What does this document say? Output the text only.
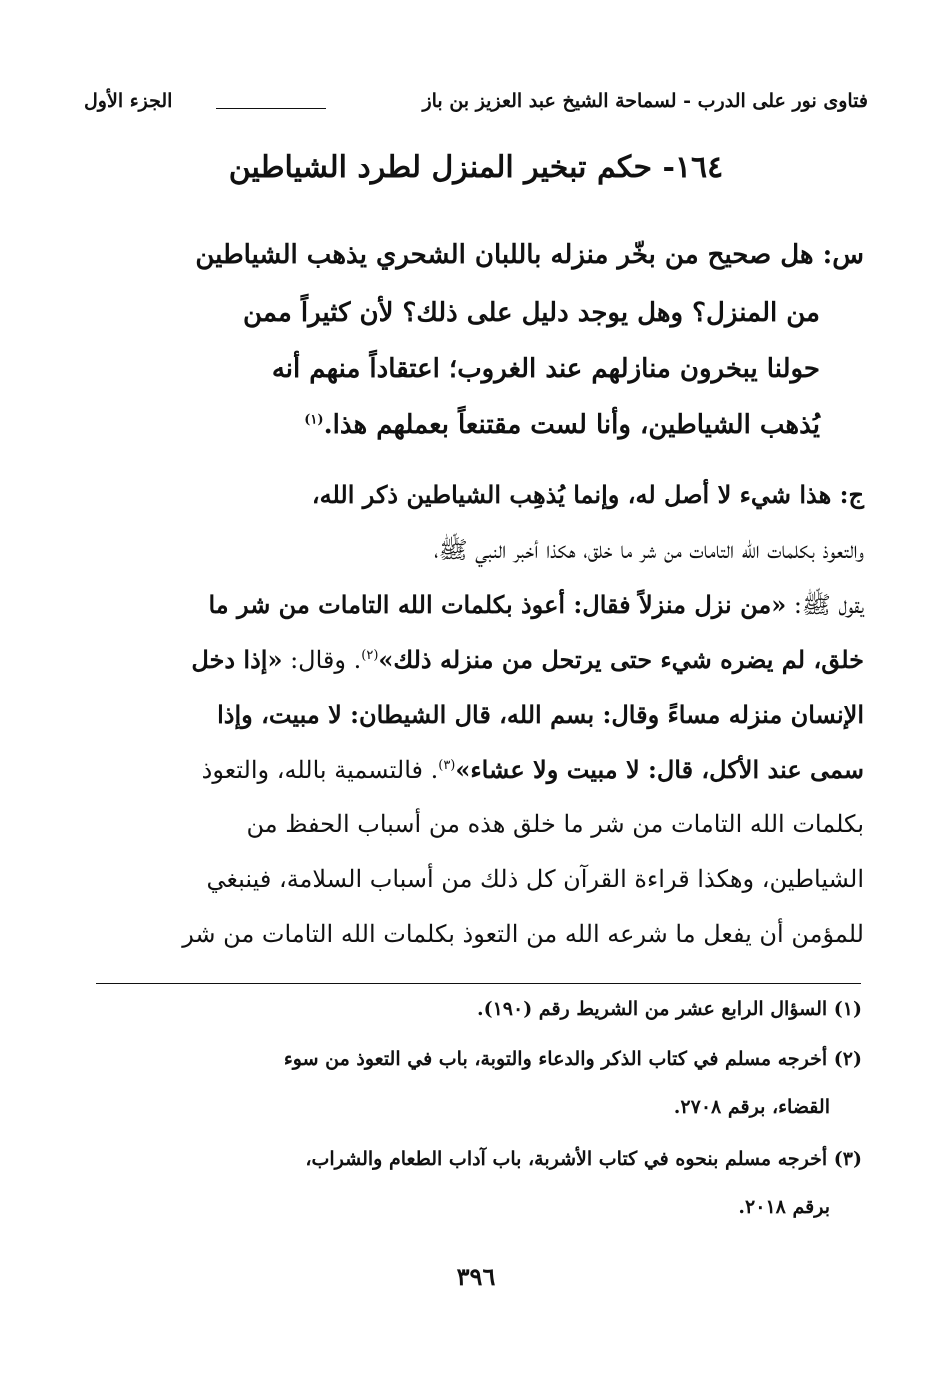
فتاوى نور على الدرب - لسماحة الشيخ عبد العزيز بن باز
الجزء الأول
١٦٤- حكم تبخير المنزل لطرد الشياطين
س: هل صحيح من بخّر منزله باللبان الشحري يذهب الشياطين
من المنزل؟ وهل يوجد دليل على ذلك؟ لأن كثيراً ممن
حولنا يبخرون منازلهم عند الغروب؛ اعتقاداً منهم أنه
يُذهب الشياطين، وأنا لست مقتنعاً بعملهم هذا.$^{(١)}$
ج: هذا شيء لا أصل له، وإنما يُذهِب الشياطين ذكر الله،
والتعوذ بكلمات الله التامات من شر ما خلق، هكذا أخبر النبي ﷺ،
يقول ﷺ: «من نزل منزلاً فقال: أعوذ بكلمات الله التامات من شر ما
خلق، لم يضره شيء حتى يرتحل من منزله ذلك»$^{(٢)}$. وقال: «إذا دخل
الإنسان منزله مساءً وقال: بسم الله، قال الشيطان: لا مبيت، وإذا
سمى عند الأكل، قال: لا مبيت ولا عشاء»$^{(٣)}$. فالتسمية بالله، والتعوذ
بكلمات الله التامات من شر ما خلق هذه من أسباب الحفظ من
الشياطين، وهكذا قراءة القرآن كل ذلك من أسباب السلامة، فينبغي
للمؤمن أن يفعل ما شرعه الله من التعوذ بكلمات الله التامات من شر
(١) السؤال الرابع عشر من الشريط رقم (١٩٠).
(٢) أخرجه مسلم في كتاب الذكر والدعاء والتوبة، باب في التعوذ من سوء
القضاء، برقم ٢٧٠٨.
(٣) أخرجه مسلم بنحوه في كتاب الأشربة، باب آداب الطعام والشراب،
برقم ٢٠١٨.
٣٩٦
